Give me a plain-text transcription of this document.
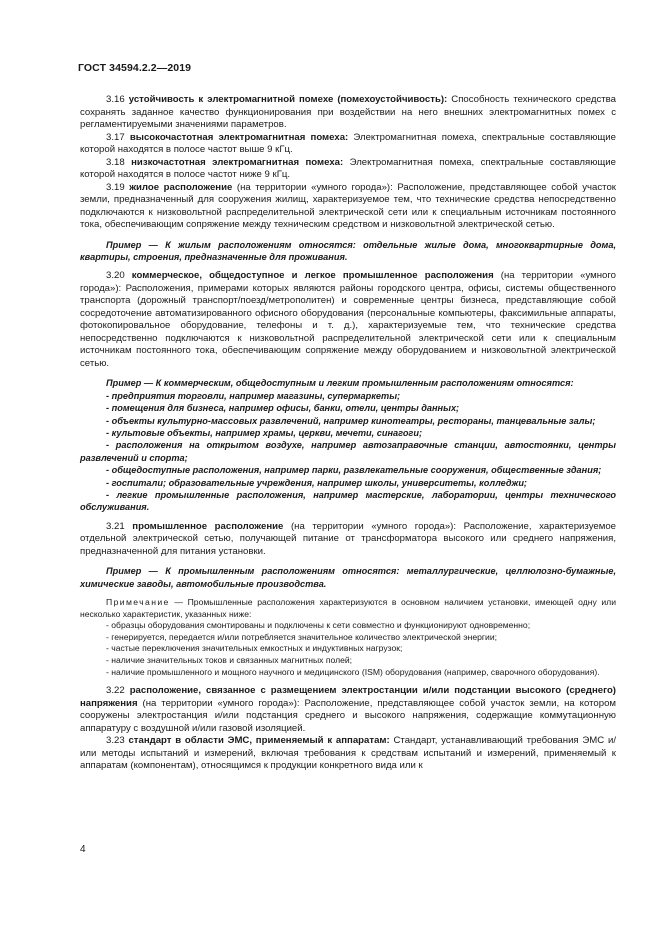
ГОСТ 34594.2.2—2019

3.16 устойчивость к электромагнитной помехе (помехоустойчивость): Способность технического средства сохранять заданное качество функционирования при воздействии на него внешних электромагнитных помех с регламентируемыми значениями параметров.

3.17 высокочастотная электромагнитная помеха: Электромагнитная помеха, спектральные составляющие которой находятся в полосе частот выше 9 кГц.

3.18 низкочастотная электромагнитная помеха: Электромагнитная помеха, спектральные составляющие которой находятся в полосе частот ниже 9 кГц.

3.19 жилое расположение (на территории «умного города»): Расположение, представляющее собой участок земли, предназначенный для сооружения жилищ, характеризуемое тем, что технические средства непосредственно подключаются к низковольтной распределительной электрической сети или к специальным источникам постоянного тока, обеспечивающим сопряжение между техническим средством и низковольтной электрической сетью.

Пример — К жилым расположениям относятся: отдельные жилые дома, многоквартирные дома, квартиры, строения, предназначенные для проживания.

3.20 коммерческое, общедоступное и легкое промышленное расположения (на территории «умного города»): Расположения, примерами которых являются районы городского центра, офисы, системы общественного транспорта (дорожный транспорт/поезд/метрополитен) и современные центры бизнеса, представляющие собой сосредоточение автоматизированного офисного оборудования (персональные компьютеры, факсимильные аппараты, фотокопировальное оборудование, телефоны и т. д.), характеризуемые тем, что технические средства непосредственно подключаются к низковольтной распределительной электрической сети или к специальным источникам постоянного тока, обеспечивающим сопряжение между оборудованием и низковольтной электрической сетью.

Пример — К коммерческим, общедоступным и легким промышленным расположениям относятся:

- предприятия торговли, например магазины, супермаркеты;

- помещения для бизнеса, например офисы, банки, отели, центры данных;

- объекты культурно-массовых развлечений, например кинотеатры, рестораны, танцевальные залы;

- культовые объекты, например храмы, церкви, мечети, синагоги;

- расположения на открытом воздухе, например автозаправочные станции, автостоянки, центры развлечений и спорта;

- общедоступные расположения, например парки, развлекательные сооружения, общественные здания;

- госпитали; образовательные учреждения, например школы, университеты, колледжи;

- легкие промышленные расположения, например мастерские, лаборатории, центры технического обслуживания.

3.21 промышленное расположение (на территории «умного города»): Расположение, характеризуемое отдельной электрической сетью, получающей питание от трансформатора высокого или среднего напряжения, предназначенной для питания установки.

Пример — К промышленным расположениям относятся: металлургические, целлюлозно-бумажные, химические заводы, автомобильные производства.

Примечание — Промышленные расположения характеризуются в основном наличием установки, имеющей одну или несколько характеристик, указанных ниже:

- образцы оборудования смонтированы и подключены к сети совместно и функционируют одновременно;

- генерируется, передается и/или потребляется значительное количество электрической энергии;

- частые переключения значительных емкостных и индуктивных нагрузок;

- наличие значительных токов и связанных магнитных полей;

- наличие промышленного и мощного научного и медицинского (ISM) оборудования (например, сварочного оборудования).

3.22 расположение, связанное с размещением электростанции и/или подстанции высокого (среднего) напряжения (на территории «умного города»): Расположение, представляющее собой участок земли, на котором сооружены электростанция и/или подстанция среднего и высокого напряжения, содержащие коммутационную аппаратуру с воздушной и/или газовой изоляцией.

3.23 стандарт в области ЭМС, применяемый к аппаратам: Стандарт, устанавливающий требования ЭМС и/или методы испытаний и измерений, включая требования к средствам испытаний и измерений, применяемый к аппаратам (компонентам), относящимся к продукции конкретного вида или к

4
